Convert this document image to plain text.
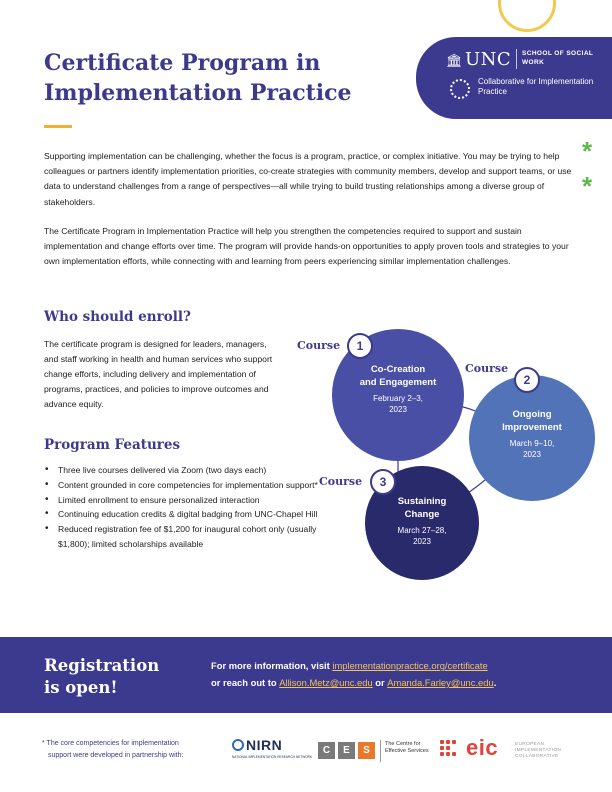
Certificate Program in Implementation Practice
🏛 UNC SCHOOL OF SOCIAL WORK
Collaborative for Implementation Practice
*
*

Supporting implementation can be challenging, whether the focus is a program, practice, or complex initiative. You may be trying to help colleagues or partners identify implementation priorities, co-create strategies with community members, develop and support teams, or use data to understand challenges from a range of perspectives—all while trying to build trusting relationships among a diverse group of stakeholders.

The Certificate Program in Implementation Practice will help you strengthen the competencies required to support and sustain implementation and change efforts over time. The program will provide hands-on opportunities to apply proven tools and strategies to your own implementation efforts, while connecting with and learning from peers experiencing similar implementation challenges.

Who should enroll?

The certificate program is designed for leaders, managers, and staff working in health and human services who support change efforts, including delivery and implementation of programs, practices, and policies to improve outcomes and advance equity.

Program Features
• Three live courses delivered via Zoom (two days each)
• Content grounded in core competencies for implementation support*
• Limited enrollment to ensure personalized interaction
• Continuing education credits & digital badging from UNC-Chapel Hill
• Reduced registration fee of $1,200 for inaugural cohort only (usually $1,800); limited scholarships available
Co-Creation
and Engagement
February 2–3,
2023	Ongoing
Improvement
March 9–10,
2023
Sustaining
Change
March 27–28,
2023
Course	1
Course
2
Course	3
Registration
is open!
For more information, visit implementationpractice.org/certificate
or reach out to Allison.Metz@unc.edu or Amanda.Farley@unc.edu.
* The core competencies for implementation
support were developed in partnership with:
NIRN
NATIONAL IMPLEMENTATION RESEARCH NETWORK
C	E	S
The Centre for Effective Services eic	EUROPEAN IMPLEMENTATION COLLABORATIVE
